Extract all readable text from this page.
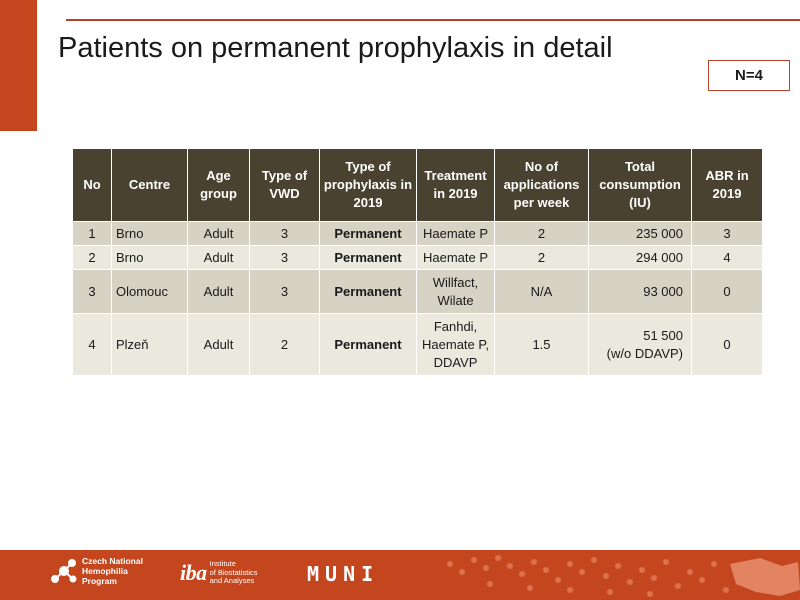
Patients on permanent prophylaxis in detail
N=4
No	Centre	Age group	Type of VWD	Type of prophylaxis in 2019	Treatment in 2019	No of applications per week	Total consumption (IU)	ABR in 2019
1	Brno	Adult	3	Permanent	Haemate P	2	235 000	3
2	Brno	Adult	3	Permanent	Haemate P	2	294 000	4
3	Olomouc	Adult	3	Permanent	Willfact,
Wilate	N/A	93 000	0
4	Plzeň	Adult	2	Permanent	Fanhdi,
Haemate P,
DDAVP	1.5	51 500
(w/o DDAVP)	0
Czech National
Hemophilia
Program	iba Institute
of Biostatistics
and Analyses	MUNI
